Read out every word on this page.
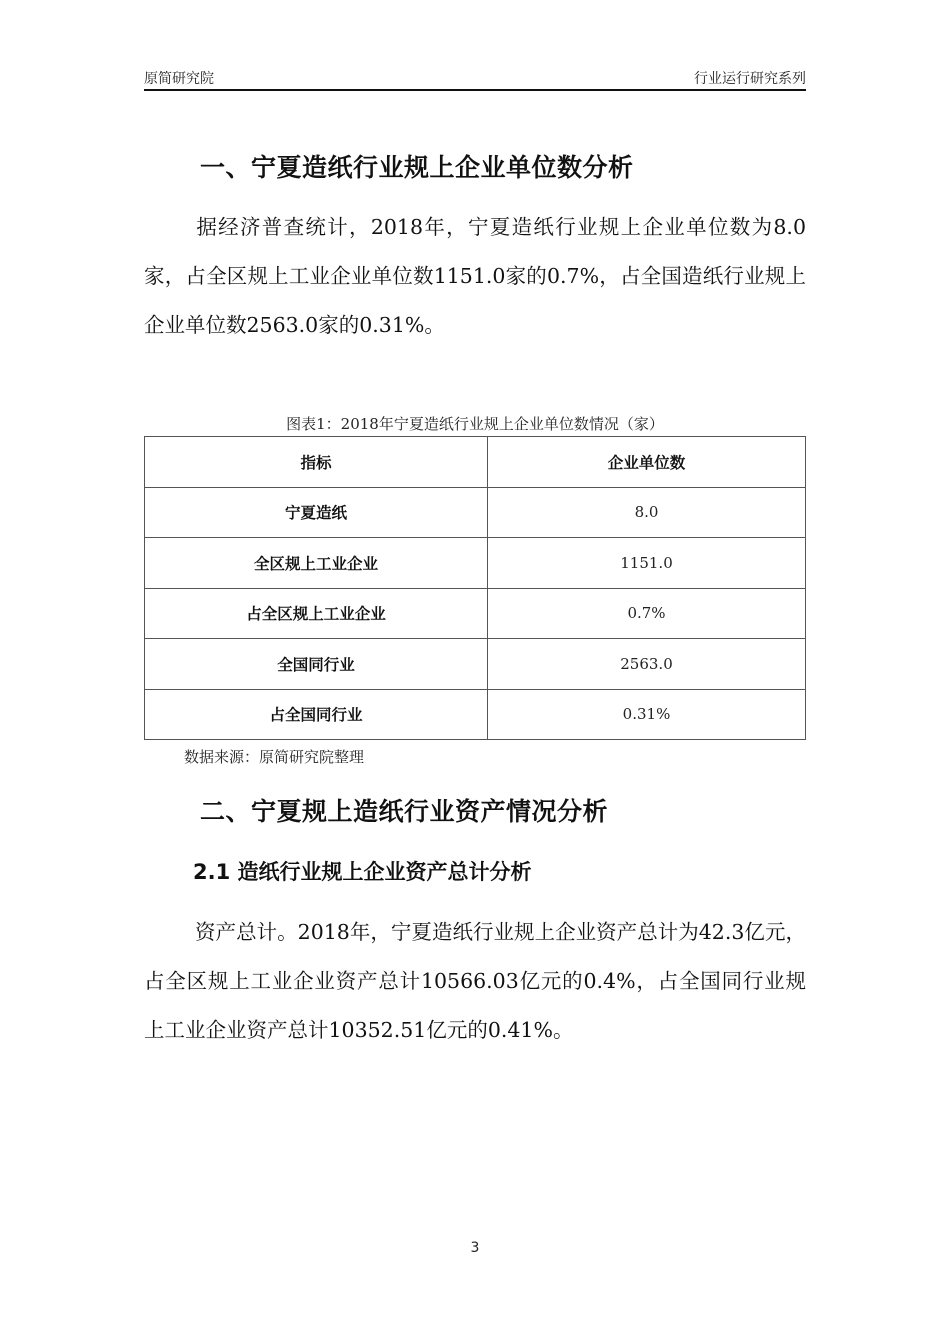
原简研究院	行业运行研究系列
一、宁夏造纸行业规上企业单位数分析
据经济普查统计，2018年，宁夏造纸行业规上企业单位数为8.0家，占全区规上工业企业单位数1151.0家的0.7%，占全国造纸行业规上企业单位数2563.0家的0.31%。
图表1：2018年宁夏造纸行业规上企业单位数情况（家）
指标	企业单位数
宁夏造纸	8.0
全区规上工业企业	1151.0
占全区规上工业企业	0.7%
全国同行业	2563.0
占全国同行业	0.31%
数据来源：原简研究院整理
二、宁夏规上造纸行业资产情况分析
2.1 造纸行业规上企业资产总计分析
资产总计。2018年，宁夏造纸行业规上企业资产总计为42.3亿元，占全区规上工业企业资产总计10566.03亿元的0.4%，占全国同行业规上工业企业资产总计10352.51亿元的0.41%。
3
